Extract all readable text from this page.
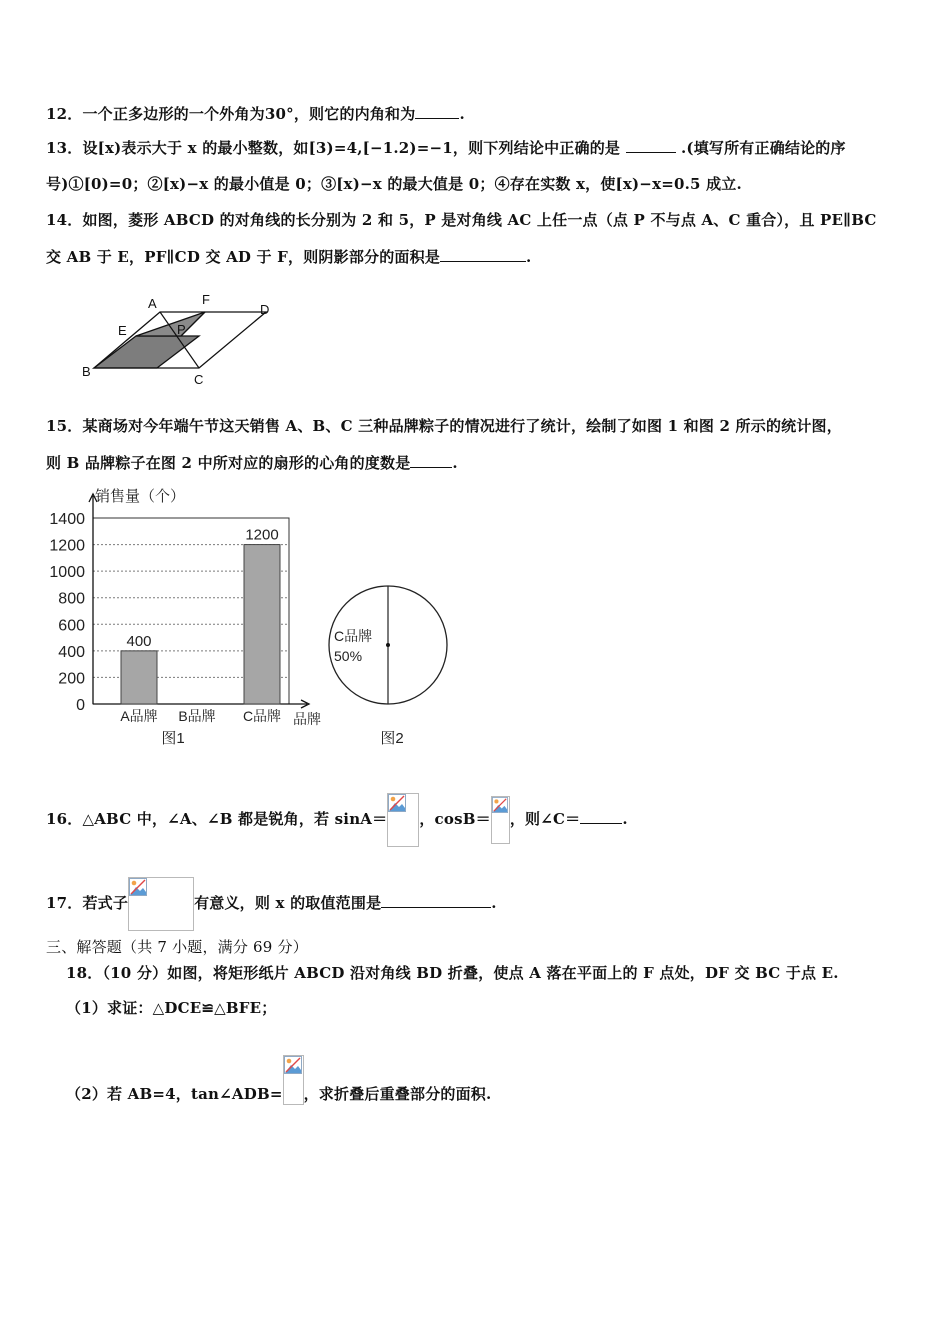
12．一个正多边形的一个外角为30°，则它的内角和为	.
13．设[x)表示大于 x 的最小整数，如[3)=4,[−1.2)=−1，则下列结论中正确的是	.(填写所有正确结论的序
号)①[0)=0；②[x)−x 的最小值是 0；③[x)−x 的最大值是 0；④存在实数 x，使[x)−x=0.5 成立.
14．如图，菱形 ABCD 的对角线的长分别为 2 和 5，P 是对角线 AC 上任一点（点 P 不与点 A、C 重合），且 PE∥BC
交 AB 于 E，PF∥CD 交 AD 于 F，则阴影部分的面积是	.
A	F
D
E	P
B
C
15．某商场对今年端午节这天销售 A、B、C 三种品牌粽子的情况进行了统计，绘制了如图 1 和图 2 所示的统计图，
则 B 品牌粽子在图 2 中所对应的扇形的心角的度数是	.
0
200
400
600
800
1000
1200
1400
销售量（个）
品牌
400
A品牌 B品牌
1200
C品牌
图1
C品牌
50%
图2
16．△ABC 中，∠A、∠B 都是锐角，若 sinA＝ ，cosB＝ ，则∠C＝	.
17．若式子	有意义，则 x 的取值范围是	.
三、解答题（共 7 小题，满分 69 分）
18．（10 分）如图，将矩形纸片 ABCD 沿对角线 BD 折叠，使点 A 落在平面上的 F 点处，DF 交 BC 于点 E.
（1）求证：△DCE≌△BFE；
（2）若 AB=4，tan∠ADB= ，求折叠后重叠部分的面积.
